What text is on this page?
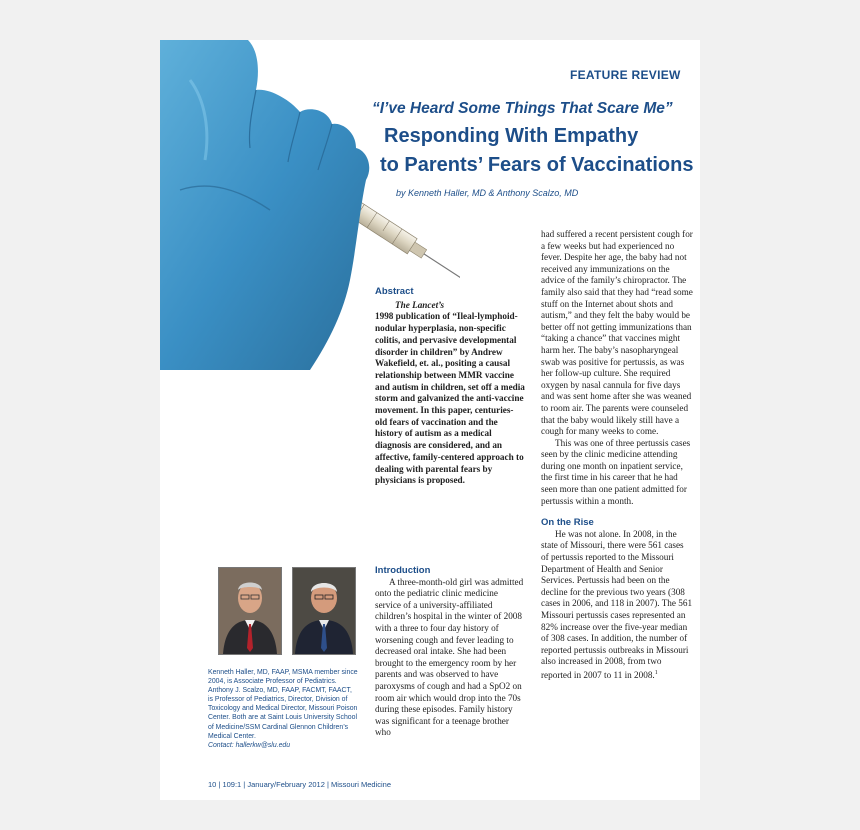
FEATURE REVIEW
“I’ve Heard Some Things That Scare Me”
Responding With Empathy
to Parents’ Fears of Vaccinations
by Kenneth Haller, MD & Anthony Scalzo, MD

Abstract

The Lancet’s
1998 publication of “Ileal-lymphoid-nodular hyperplasia, non-specific colitis, and pervasive developmental disorder in children” by Andrew Wakefield, et. al., positing a causal relationship between MMR vaccine and autism in children, set off a media storm and galvanized the anti-vaccine movement. In this paper, centuries-old fears of vaccination and the history of autism as a medical diagnosis are considered, and an affective, family-centered approach to dealing with parental fears by physicians is proposed.

Introduction

A three-month-old girl was admitted onto the pediatric clinic medicine service of a university-affiliated children’s hospital in the winter of 2008 with a three to four day history of worsening cough and fever leading to decreased oral intake. She had been brought to the emergency room by her parents and was observed to have paroxysms of cough and had a SpO2 on room air which would drop into the 70s during these episodes. Family history was significant for a teenage brother who

had suffered a recent persistent cough for a few weeks but had experienced no fever. Despite her age, the baby had not received any immunizations on the advice of the family’s chiropractor. The family also said that they had “read some stuff on the Internet about shots and autism,” and they felt the baby would be better off not getting immunizations than “taking a chance” that vaccines might harm her. The baby’s nasopharyngeal swab was positive for pertussis, as was her follow-up culture. She required oxygen by nasal cannula for five days and was sent home after she was weaned to room air. The parents were counseled that the baby would likely still have a cough for many weeks to come.

This was one of three pertussis cases seen by the clinic medicine attending during one month on inpatient service, the first time in his career that he had seen more than one patient admitted for pertussis within a month.

On the Rise

He was not alone. In 2008, in the state of Missouri, there were 561 cases of pertussis reported to the Missouri Department of Health and Senior Services. Pertussis had been on the decline for the previous two years (308 cases in 2006, and 118 in 2007). The 561 Missouri pertussis cases represented an 82% increase over the five-year median of 308 cases. In addition, the number of reported pertussis outbreaks in Missouri also increased in 2008, from two reported in 2007 to 11 in 2008.$^1$

Kenneth Haller, MD, FAAP, MSMA member since 2004, is Associate Professor of Pediatrics. Anthony J. Scalzo, MD, FAAP, FACMT, FAACT, is Professor of Pediatrics, Director, Division of Toxicology and Medical Director, Missouri Poison Center. Both are at Saint Louis University School of Medicine/SSM Cardinal Glennon Children’s Medical Center.
Contact: hallerkw@slu.edu
10 | 109:1 | January/February 2012 | Missouri Medicine
